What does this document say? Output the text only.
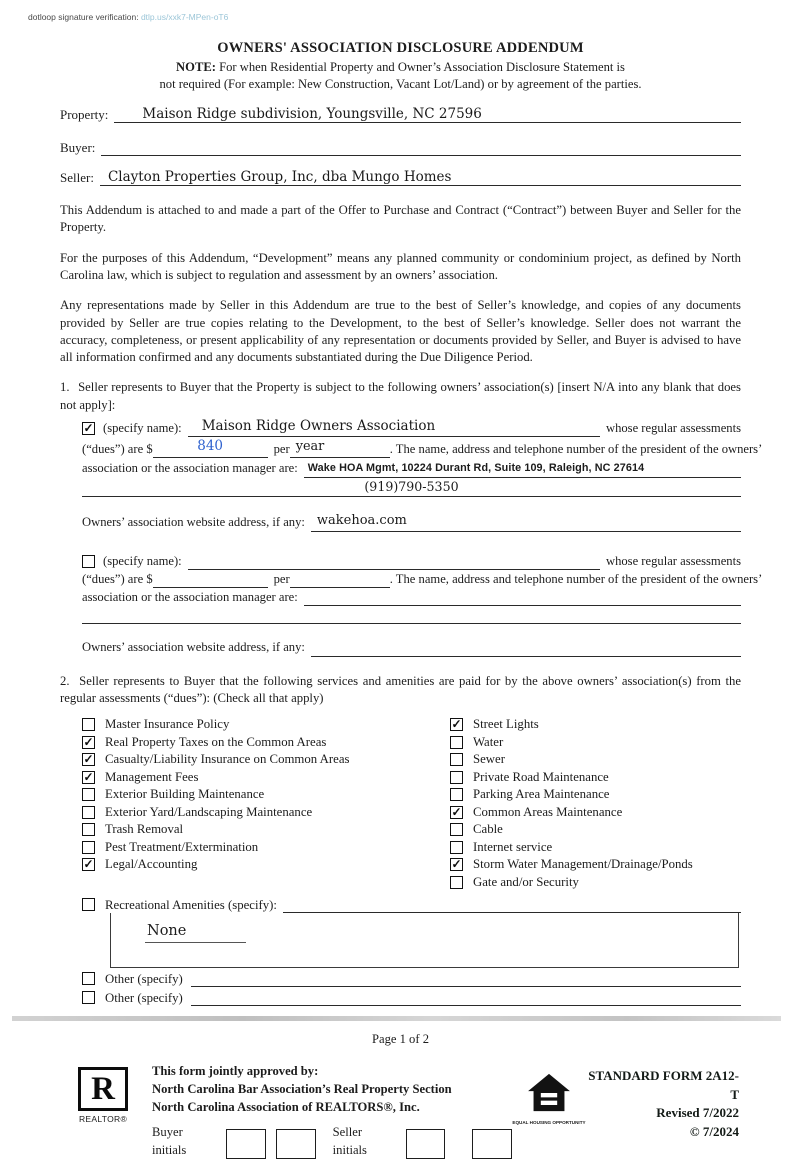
dotloop signature verification: dtlp.us/xxk7-MPen-oT6
OWNERS' ASSOCIATION DISCLOSURE ADDENDUM
NOTE: For when Residential Property and Owner’s Association Disclosure Statement is
not required (For example: New Construction, Vacant Lot/Land) or by agreement of the parties.
Property:	Maison Ridge subdivision, Youngsville, NC 27596
Buyer:
Seller:	Clayton Properties Group, Inc, dba Mungo Homes

This Addendum is attached to and made a part of the Offer to Purchase and Contract (“Contract”) between Buyer and Seller for the Property.

For the purposes of this Addendum, “Development” means any planned community or condominium project, as defined by North Carolina law, which is subject to regulation and assessment by an owners’ association.

Any representations made by Seller in this Addendum are true to the best of Seller’s knowledge, and copies of any documents provided by Seller are true copies relating to the Development, to the best of Seller’s knowledge. Seller does not warrant the accuracy, completeness, or present applicability of any representation or documents provided by Seller, and Buyer is advised to have all information confirmed and any documents substantiated during the Due Diligence Period.

1. Seller represents to Buyer that the Property is subject to the following owners’ association(s) [insert N/A into any blank that does not apply]:
✓ (specify name):	Maison Ridge Owners Association	whose regular assessments
(“dues”) are $	840	per year	. The name, address and telephone number of the president of the owners’
association or the association manager are: Wake HOA Mgmt, 10224 Durant Rd, Suite 109, Raleigh, NC 27614
(919)790-5350
Owners’ association website address, if any: wakehoa.com
(specify name):	whose regular assessments
(“dues”) are $	per	. The name, address and telephone number of the president of the owners’
association or the association manager are:
Owners’ association website address, if any:
2. Seller represents to Buyer that the following services and amenities are paid for by the above owners’ association(s) from the regular assessments (“dues”): (Check all that apply)
Master Insurance Policy
✓ Real Property Taxes on the Common Areas
✓ Casualty/Liability Insurance on Common Areas
✓ Management Fees
Exterior Building Maintenance
Exterior Yard/Landscaping Maintenance
Trash Removal
Pest Treatment/Extermination
✓ Legal/Accounting
✓ Street Lights
Water
Sewer
Private Road Maintenance
Parking Area Maintenance
✓ Common Areas Maintenance
Cable
Internet service
✓ Storm Water Management/Drainage/Ponds
Gate and/or Security
Recreational Amenities (specify):
None
Other (specify)
Other (specify)
Page 1 of 2
R
REALTOR®
This form jointly approved by:
North Carolina Bar Association’s Real Property Section
North Carolina Association of REALTORS®, Inc.
Buyer initials
Seller initials
EQUAL HOUSING OPPORTUNITY
STANDARD FORM 2A12-T
Revised 7/2022
© 7/2024
